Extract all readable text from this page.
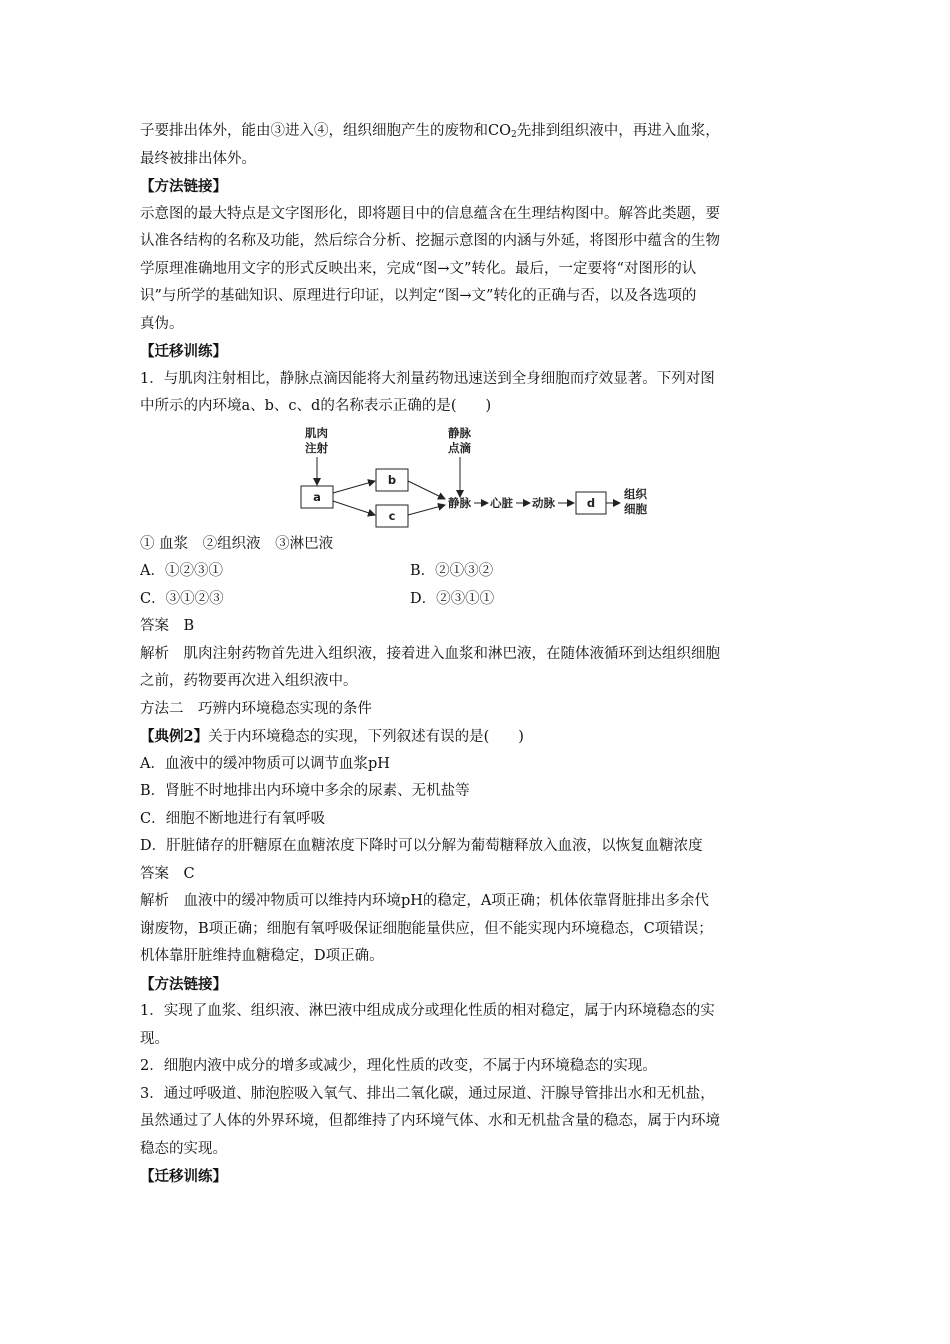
子要排出体外，能由③进入④，组织细胞产生的废物和$CO_2$先排到组织液中，再进入血浆，
最终被排出体外。
【方法链接】
示意图的最大特点是文字图形化，即将题目中的信息蕴含在生理结构图中。解答此类题，要
认准各结构的名称及功能，然后综合分析、挖掘示意图的内涵与外延，将图形中蕴含的生物
学原理准确地用文字的形式反映出来，完成“图→文”转化。最后，一定要将“对图形的认
识”与所学的基础知识、原理进行印证，以判定“图→文”转化的正确与否，以及各选项的
真伪。
【迁移训练】
1．与肌肉注射相比，静脉点滴因能将大剂量药物迅速送到全身细胞而疗效显著。下列对图
中所示的内环境a、b、c、d的名称表示正确的是(　　)
肌肉
注射
静脉
点滴
a
b
c
静脉 心脏 动脉	d
组织
细胞
① 血浆　②组织液　③淋巴液
A．①②③①	B．②①③②
C．③①②③	D．②③①①
答案　B
解析　肌肉注射药物首先进入组织液，接着进入血浆和淋巴液，在随体液循环到达组织细胞
之前，药物要再次进入组织液中。
方法二　巧辨内环境稳态实现的条件
【典例2】关于内环境稳态的实现，下列叙述有误的是(　　)
A．血液中的缓冲物质可以调节血浆pH
B．肾脏不时地排出内环境中多余的尿素、无机盐等
C．细胞不断地进行有氧呼吸
D．肝脏储存的肝糖原在血糖浓度下降时可以分解为葡萄糖释放入血液，以恢复血糖浓度
答案　C
解析　血液中的缓冲物质可以维持内环境pH的稳定，A项正确；机体依靠肾脏排出多余代
谢废物，B项正确；细胞有氧呼吸保证细胞能量供应，但不能实现内环境稳态，C项错误；
机体靠肝脏维持血糖稳定，D项正确。
【方法链接】
1．实现了血浆、组织液、淋巴液中组成成分或理化性质的相对稳定，属于内环境稳态的实
现。
2．细胞内液中成分的增多或减少，理化性质的改变，不属于内环境稳态的实现。
3．通过呼吸道、肺泡腔吸入氧气、排出二氧化碳，通过尿道、汗腺导管排出水和无机盐，
虽然通过了人体的外界环境，但都维持了内环境气体、水和无机盐含量的稳态，属于内环境
稳态的实现。
【迁移训练】
